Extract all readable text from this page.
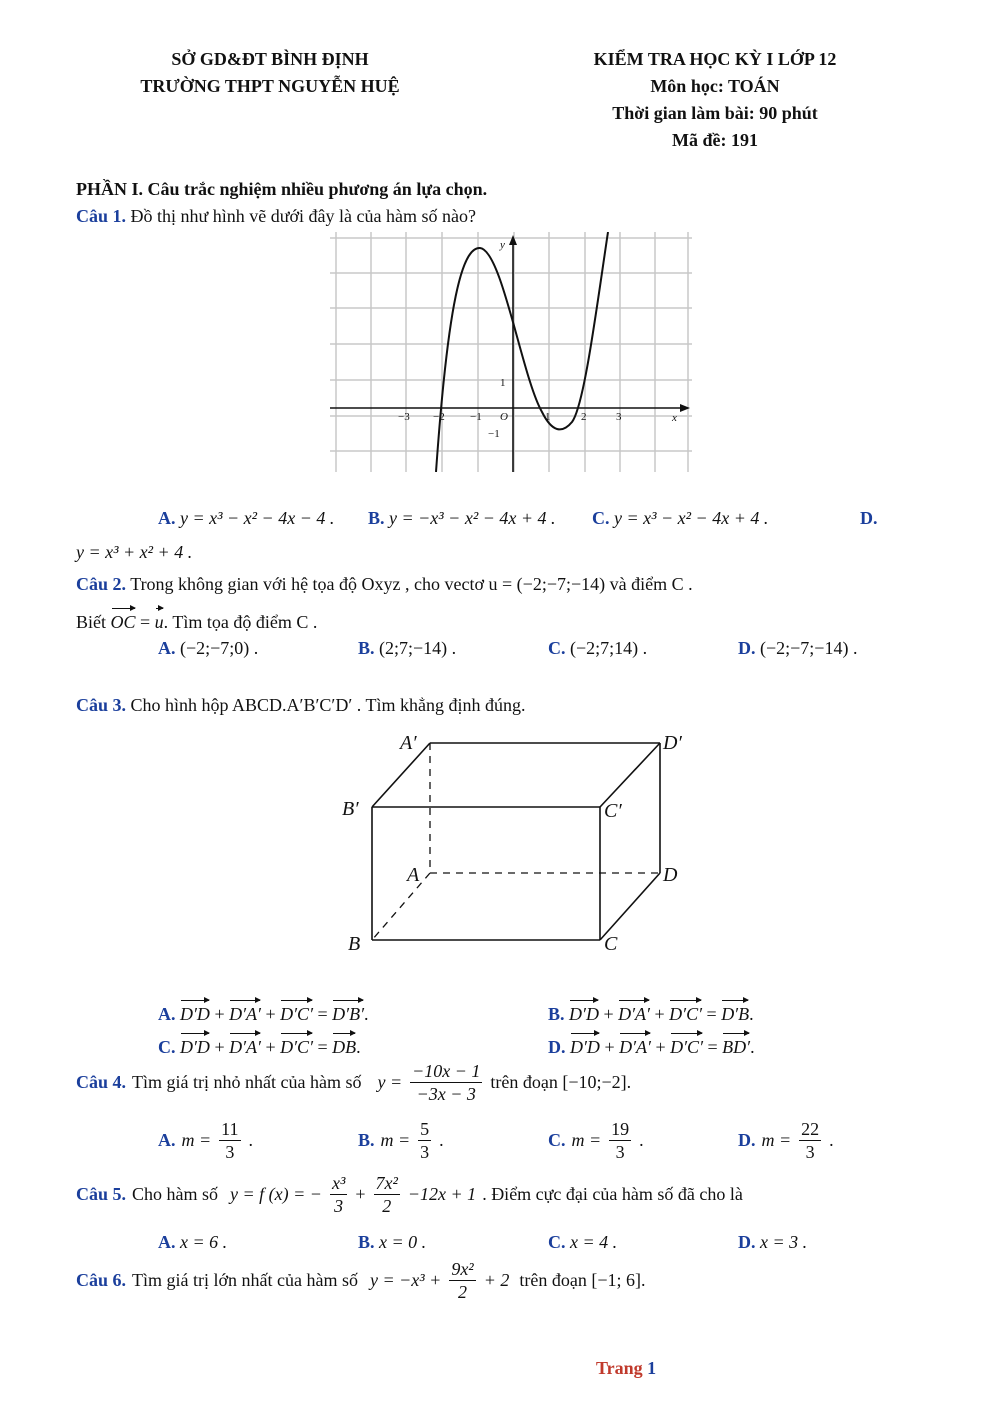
SỞ GD&ĐT BÌNH ĐỊNH
TRƯỜNG THPT NGUYỄN HUỆ
KIỂM TRA HỌC KỲ I LỚP 12
Môn học: TOÁN
Thời gian làm bài: 90 phút
Mã đề: 191
PHẦN I. Câu trắc nghiệm nhiều phương án lựa chọn.
Câu 1. Đồ thị như hình vẽ dưới đây là của hàm số nào?
y
x
O
−3 −2 −1	1	2	3
1
−1
A. y = x³ − x² − 4x − 4 . B. y = −x³ − x² − 4x + 4 . C. y = x³ − x² − 4x + 4 .	D.
y = x³ + x² + 4 .
Câu 2. Trong không gian với hệ tọa độ Oxyz , cho vectơ u = (−2;−7;−14) và điểm C .
Biết OC = u. Tìm tọa độ điểm C .
A. (−2;−7;0) .	B. (2;7;−14) .	C. (−2;7;14) .	D. (−2;−7;−14) .
Câu 3. Cho hình hộp ABCD.A′B′C′D′ . Tìm khẳng định đúng.
A′	D′
B′	C′
A	D
B	C
A. D′D + D′A′ + D′C′ = D′B′.	B. D′D + D′A′ + D′C′ = D′B.
C. D′D + D′A′ + D′C′ = DB.	D. D′D + D′A′ + D′C′ = BD′.
Câu 4. Tìm giá trị nhỏ nhất của hàm số $y = \frac{-10x - 1}{-3x - 3}$ trên đoạn [−10;−2].
A. $m = \frac{11}{3}$ .	B. $m = \frac{5}{3}$ .	C. $m = \frac{19}{3}$ .	D. $m = \frac{22}{3}$ .
Câu 5. Cho hàm số y = f (x) = − $\frac{\text{x³}}{3} + \frac{\text{7x²}}{2} -12x + 1$ . Điểm cực đại của hàm số đã cho là
A. x = 6 .	B. x = 0 .	C. x = 4 .	D. x = 3 .
Câu 6. Tìm giá trị lớn nhất của hàm số $y = -x^3 + \frac{\text{9x²}}{2} + 2$ trên đoạn [−1; 6].
Trang 1
